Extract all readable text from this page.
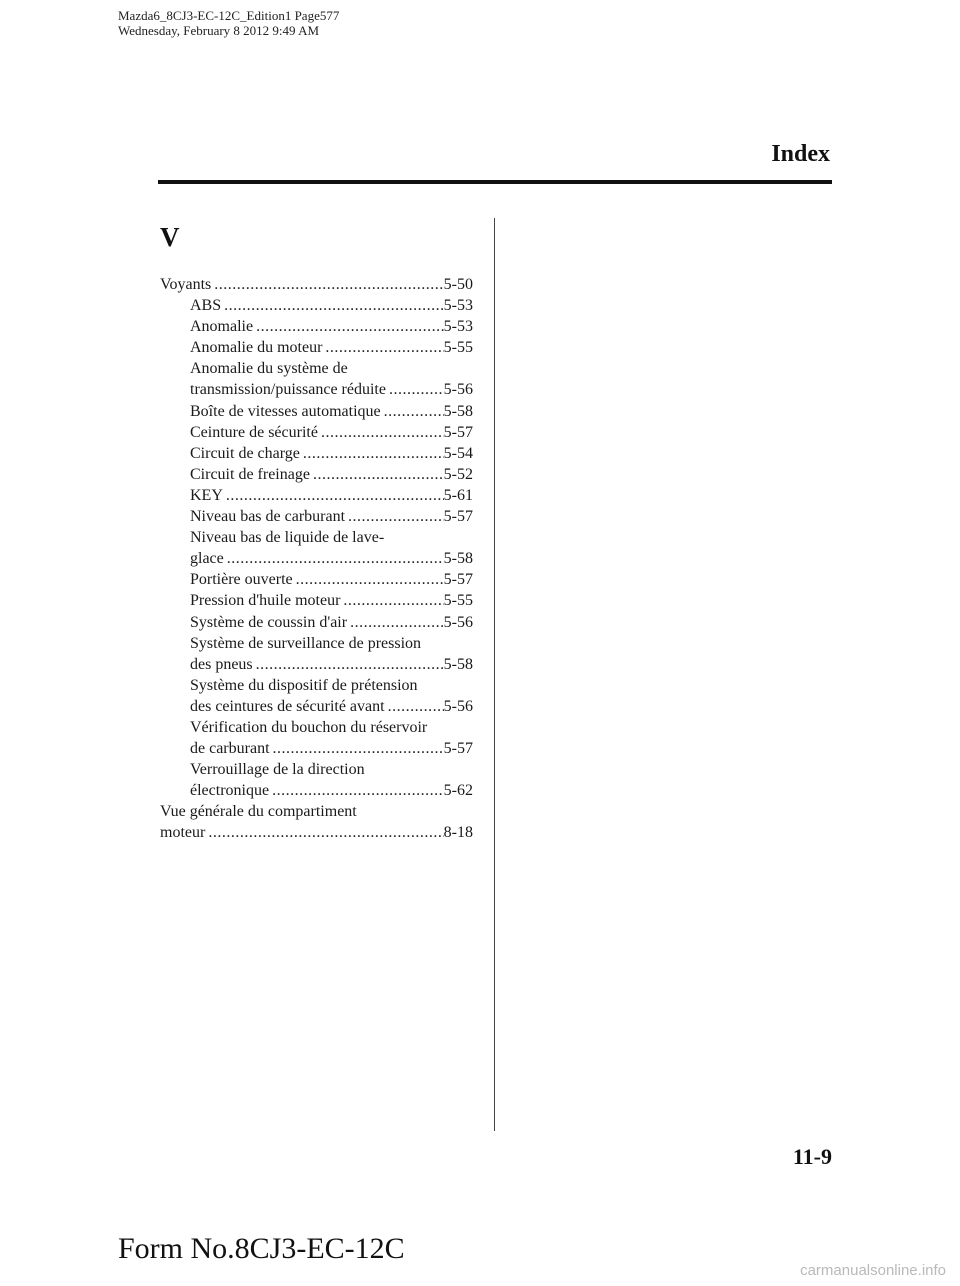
Mazda6_8CJ3-EC-12C_Edition1 Page577
Wednesday, February 8 2012 9:49 AM
Index
V
Voyants .....	5-50
ABS .....	5-53
Anomalie .....	5-53
Anomalie du moteur .....	5-55
Anomalie du système de
transmission/puissance réduite .....	5-56
Boîte de vitesses automatique .....	5-58
Ceinture de sécurité .....	5-57
Circuit de charge .....	5-54
Circuit de freinage .....	5-52
KEY .....	5-61
Niveau bas de carburant .....	5-57
Niveau bas de liquide de lave-
glace .....	5-58
Portière ouverte .....	5-57
Pression d'huile moteur .....	5-55
Système de coussin d'air .....	5-56
Système de surveillance de pression
des pneus .....	5-58
Système du dispositif de prétension
des ceintures de sécurité avant .....	5-56
Vérification du bouchon du réservoir
de carburant .....	5-57
Verrouillage de la direction
électronique .....	5-62
Vue générale du compartiment
moteur .....	8-18
11-9
Form No.8CJ3-EC-12C
carmanualsonline.info
